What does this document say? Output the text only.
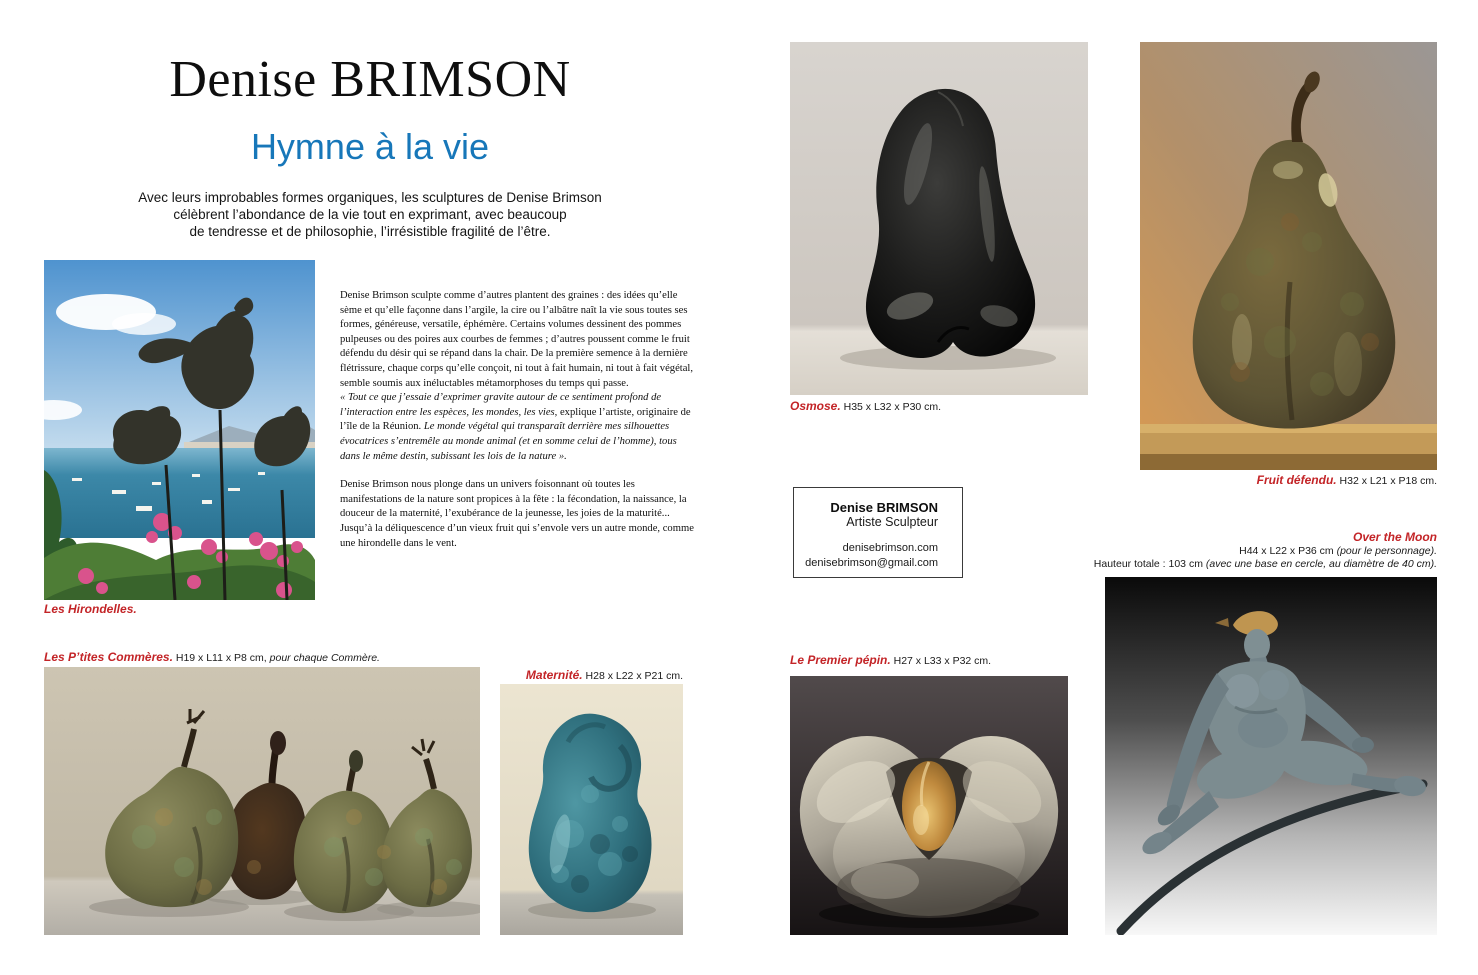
Denise BRIMSON
Hymne à la vie
Avec leurs improbables formes organiques, les sculptures de Denise Brimson
célèbrent l’abondance de la vie tout en exprimant, avec beaucoup
de tendresse et de philosophie, l’irrésistible fragilité de l’être.
Les Hirondelles.

Denise Brimson sculpte comme d’autres plantent des graines : des idées qu’elle sème et qu’elle façonne dans l’argile, la cire ou l’albâtre naît la vie sous toutes ses formes, généreuse, versatile, éphémère. Certains volumes dessinent des pommes pulpeuses ou des poires aux courbes de femmes ; d’autres poussent comme le fruit défendu du désir qui se répand dans la chair. De la première semence à la dernière flétrissure, chaque corps qu’elle conçoit, ni tout à fait humain, ni tout à fait végétal, semble soumis aux inéluctables métamorphoses du temps qui passe.

« Tout ce que j’essaie d’exprimer gravite autour de ce sentiment profond de l’interaction entre les espèces, les mondes, les vies, explique l’artiste, originaire de l’île de la Réunion. Le monde végétal qui transparaît derrière mes silhouettes évocatrices s’entremêle au monde animal (et en somme celui de l’homme), tous dans le même destin, subissant les lois de la nature ».

Denise Brimson nous plonge dans un univers foisonnant où toutes les manifestations de la nature sont propices à la fête : la fécondation, la naissance, la douceur de la maternité, l’exubérance de la jeunesse, les joies de la maturité... Jusqu’à la déliquescence d’un vieux fruit qui s’envole vers un autre monde, comme une hirondelle dans le vent.

Les P’tites Commères. H19 x L11 x P8 cm, pour chaque Commère.
Maternité. H28 x L22 x P21 cm.
Osmose. H35 x L32 x P30 cm.
Denise BRIMSON
Artiste Sculpteur
denisebrimson.com
denisebrimson@gmail.com
Le Premier pépin. H27 x L33 x P32 cm.
Fruit défendu. H32 x L21 x P18 cm.
Over the Moon
H44 x L22 x P36 cm (pour le personnage).
Hauteur totale : 103 cm (avec une base en cercle, au diamètre de 40 cm).
